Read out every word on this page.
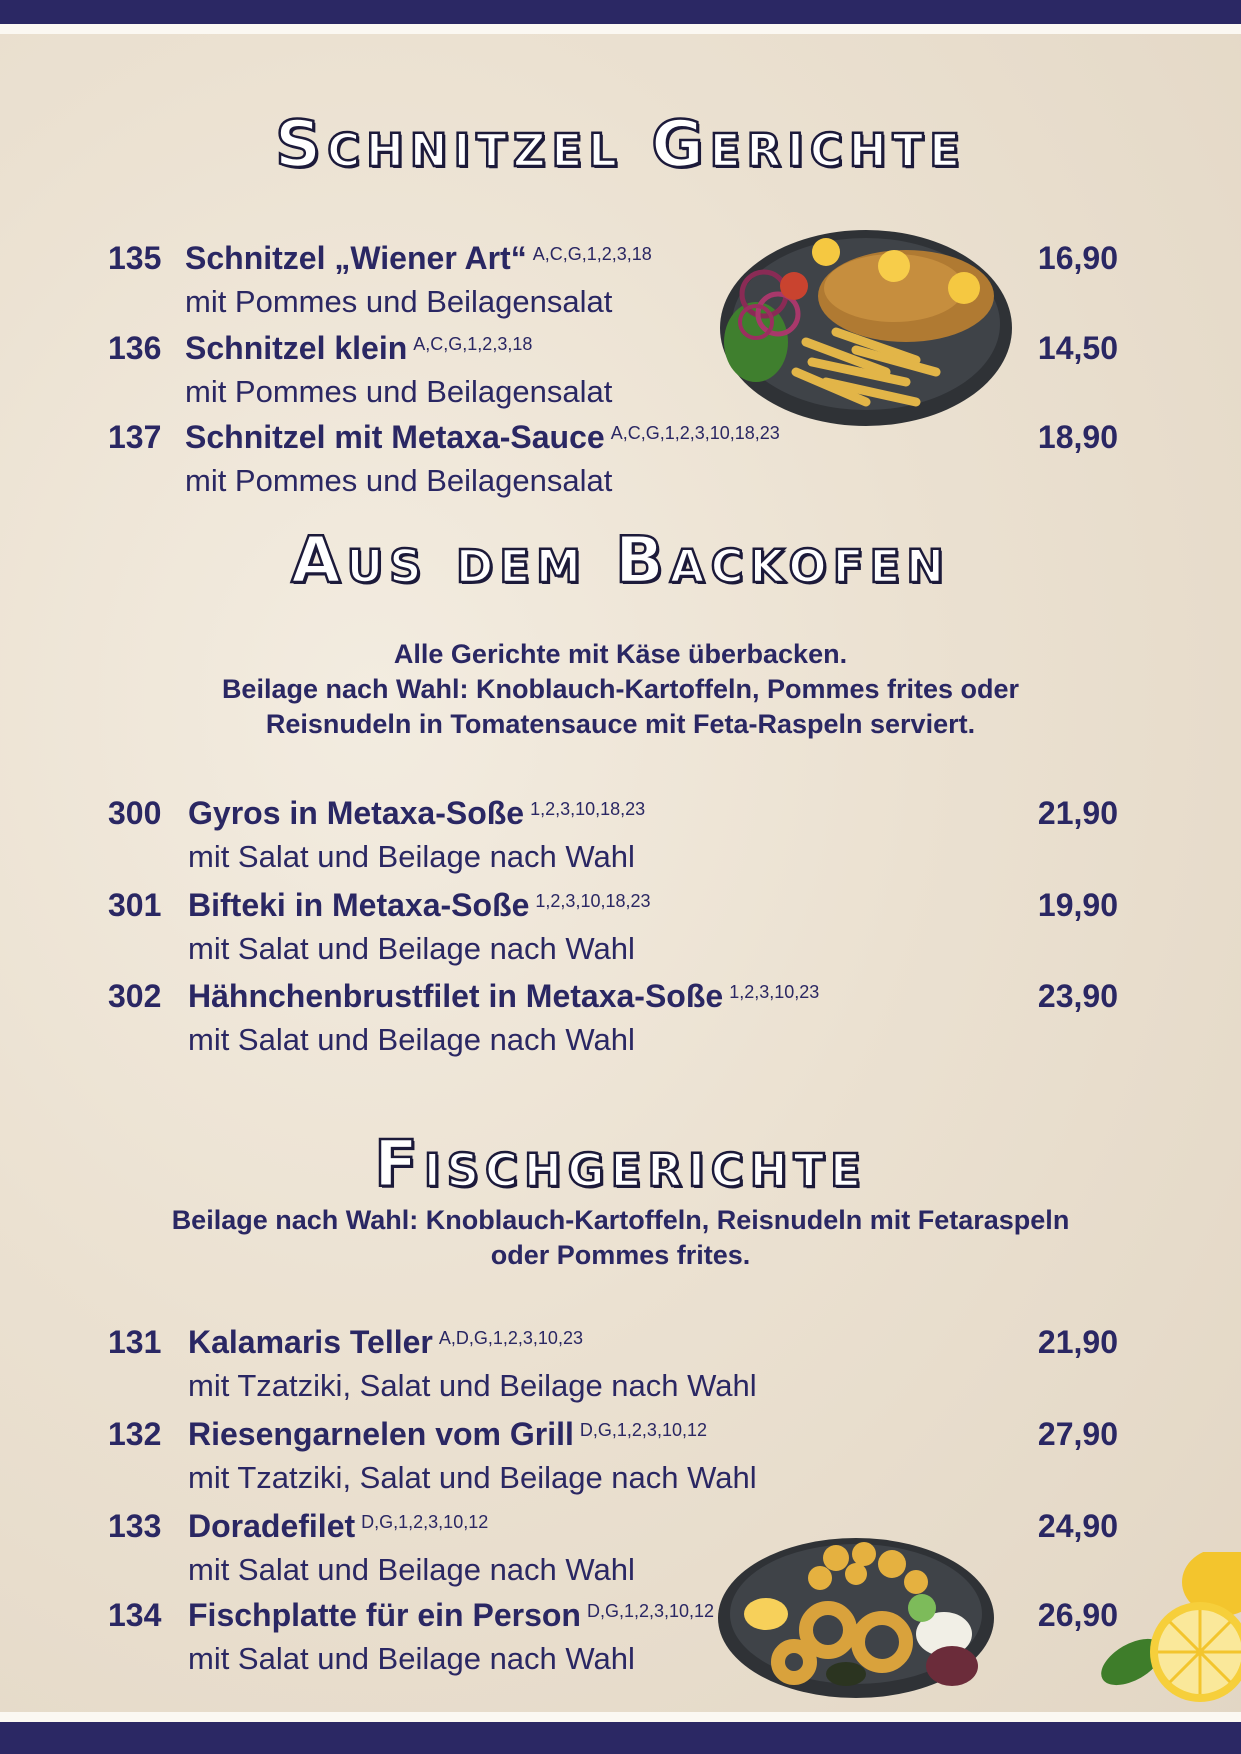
Schnitzel Gerichte
135 Schnitzel „Wiener Art“ $^{A,C,G,1,2,3,18}$
mit Pommes und Beilagensalat
16,90
136 Schnitzel klein $^{A,C,G,1,2,3,18}$
mit Pommes und Beilagensalat
14,50
137 Schnitzel mit Metaxa-Sauce $^{A,C,G,1,2,3,10,18,23}$
mit Pommes und Beilagensalat
18,90
Aus dem Backofen

Alle Gerichte mit Käse überbacken.

Beilage nach Wahl: Knoblauch-Kartoffeln, Pommes frites oder

Reisnudeln in Tomatensauce mit Feta-Raspeln serviert.

300 Gyros in Metaxa-Soße $^{1,2,3,10,18,23}$
mit Salat und Beilage nach Wahl
21,90
301 Bifteki in Metaxa-Soße $^{1,2,3,10,18,23}$
mit Salat und Beilage nach Wahl
19,90
302 Hähnchenbrustfilet in Metaxa-Soße $^{1,2,3,10,23}$
mit Salat und Beilage nach Wahl
23,90
Fischgerichte

Beilage nach Wahl: Knoblauch-Kartoffeln, Reisnudeln mit Fetaraspeln

oder Pommes frites.

131 Kalamaris Teller $^{A,D,G,1,2,3,10,23}$
mit Tzatziki, Salat und Beilage nach Wahl
21,90
132 Riesengarnelen vom Grill $^{D,G,1,2,3,10,12}$
mit Tzatziki, Salat und Beilage nach Wahl
27,90
133 Doradefilet $^{D,G,1,2,3,10,12}$
mit Salat und Beilage nach Wahl
24,90
134 Fischplatte für ein Person $^{D,G,1,2,3,10,12}$
mit Salat und Beilage nach Wahl
26,90
